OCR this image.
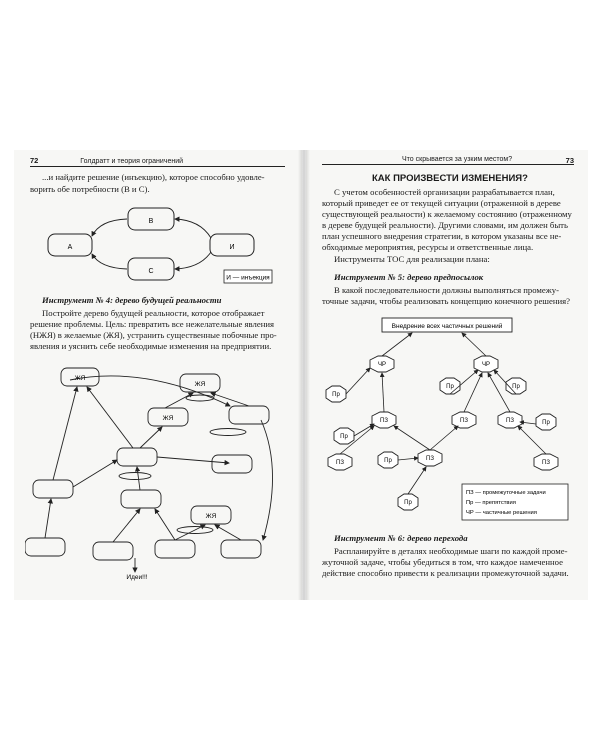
72	Голдратт и теория ограничений	Что скрывается за узким местом?	73
...и найдите решение (инъекцию), которое способно удовле-
ворить обе потребности (В и С).
A
B
C
И
И — инъекция
Инструмент № 4: дерево будущей реальности
Постройте дерево будущей реальности, которое отображает
решение проблемы. Цель: превратить все нежелательные явления
(НЖЯ) в желаемые (ЖЯ), устранить существенные побочные про-
явления и уяснить себе необходимые изменения на предприятии.
ЖЯ
ЖЯ
ЖЯ
ЖЯ
Идеи!!!
КАК ПРОИЗВЕСТИ ИЗМЕНЕНИЯ?
С учетом особенностей организации разрабатывается план,
который приведет ее от текущей ситуации (отраженной в дереве
существующей реальности) к желаемому состоянию (отраженному
в дереве будущей реальности). Другими словами, им должен быть
план успешного внедрения стратегии, в котором указаны все не-
обходимые мероприятия, ресурсы и ответственные лица.
Инструменты ТОС для реализации плана:
Инструмент № 5: дерево предпосылок
В какой последовательности должны выполняться промежу-
точные задачи, чтобы реализовать концепцию конечного решения?
Внедрение всех частичных решений
ЧР	ЧР
Пр
Пр	Пр
Пр
Пр
ПЗ	ПЗ	ПЗ
ПЗ
ПЗ
ПЗ
Пр
Пр
ПЗ — промежуточные задачи
Пр — препятствия
ЧР — частичные решения
Инструмент № 6: дерево перехода
Распланируйте в деталях необходимые шаги по каждой проме-
жуточной задаче, чтобы убедиться в том, что каждое намеченное
действие способно привести к реализации промежуточной задачи.
